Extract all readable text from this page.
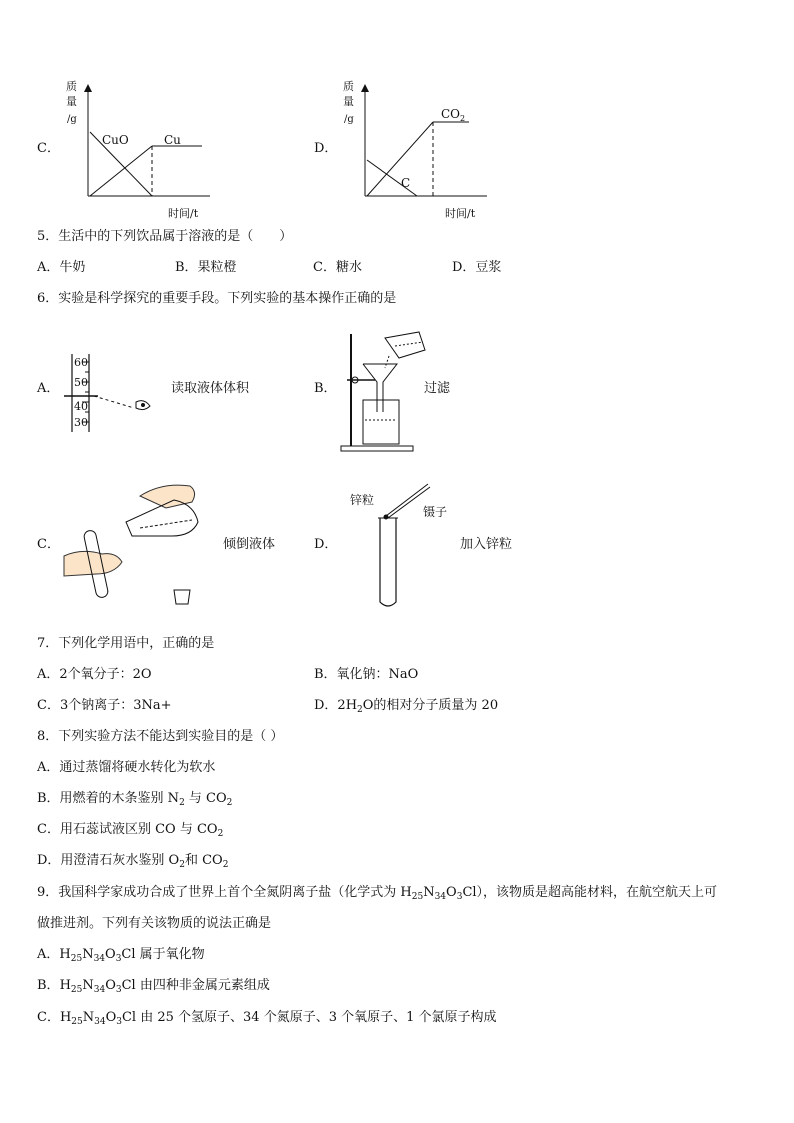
C．
质
量
/g
CuO	Cu
时间/t
D．
质
量
/g	$CO_2$
C
时间/t
5．生活中的下列饮品属于溶液的是（　　）
A．牛奶	B．果粒橙	C．糖水	D．豆浆
6．实验是科学探究的重要手段。下列实验的基本操作正确的是
A．
60
50
40
30
读取液体体积	B．	过滤
C．	倾倒液体	D．
锌粒
镊子
加入锌粒
7．下列化学用语中，正确的是
A．2个氧分子：2O	B．氧化钠：NaO
C．3个钠离子：3Na+	D．$2H_2O$的相对分子质量为 20
8．下列实验方法不能达到实验目的是（ ）
A．通过蒸馏将硬水转化为软水
B．用燃着的木条鉴别 $N_2$ 与 $CO_2$
C．用石蕊试液区别 CO 与 $CO_2$
D．用澄清石灰水鉴别 $O_2$和 $CO_2$
9．我国科学家成功合成了世界上首个全氮阴离子盐（化学式为 $H_{25}N_{34}O_3Cl$），该物质是超高能材料，在航空航天上可
做推进剂。下列有关该物质的说法正确是
A．$H_{25}N_{34}O_3Cl$ 属于氧化物
B．$H_{25}N_{34}O_3Cl$ 由四种非金属元素组成
C．$H_{25}N_{34}O_3Cl$ 由 25 个氢原子、34 个氮原子、3 个氧原子、1 个氯原子构成
